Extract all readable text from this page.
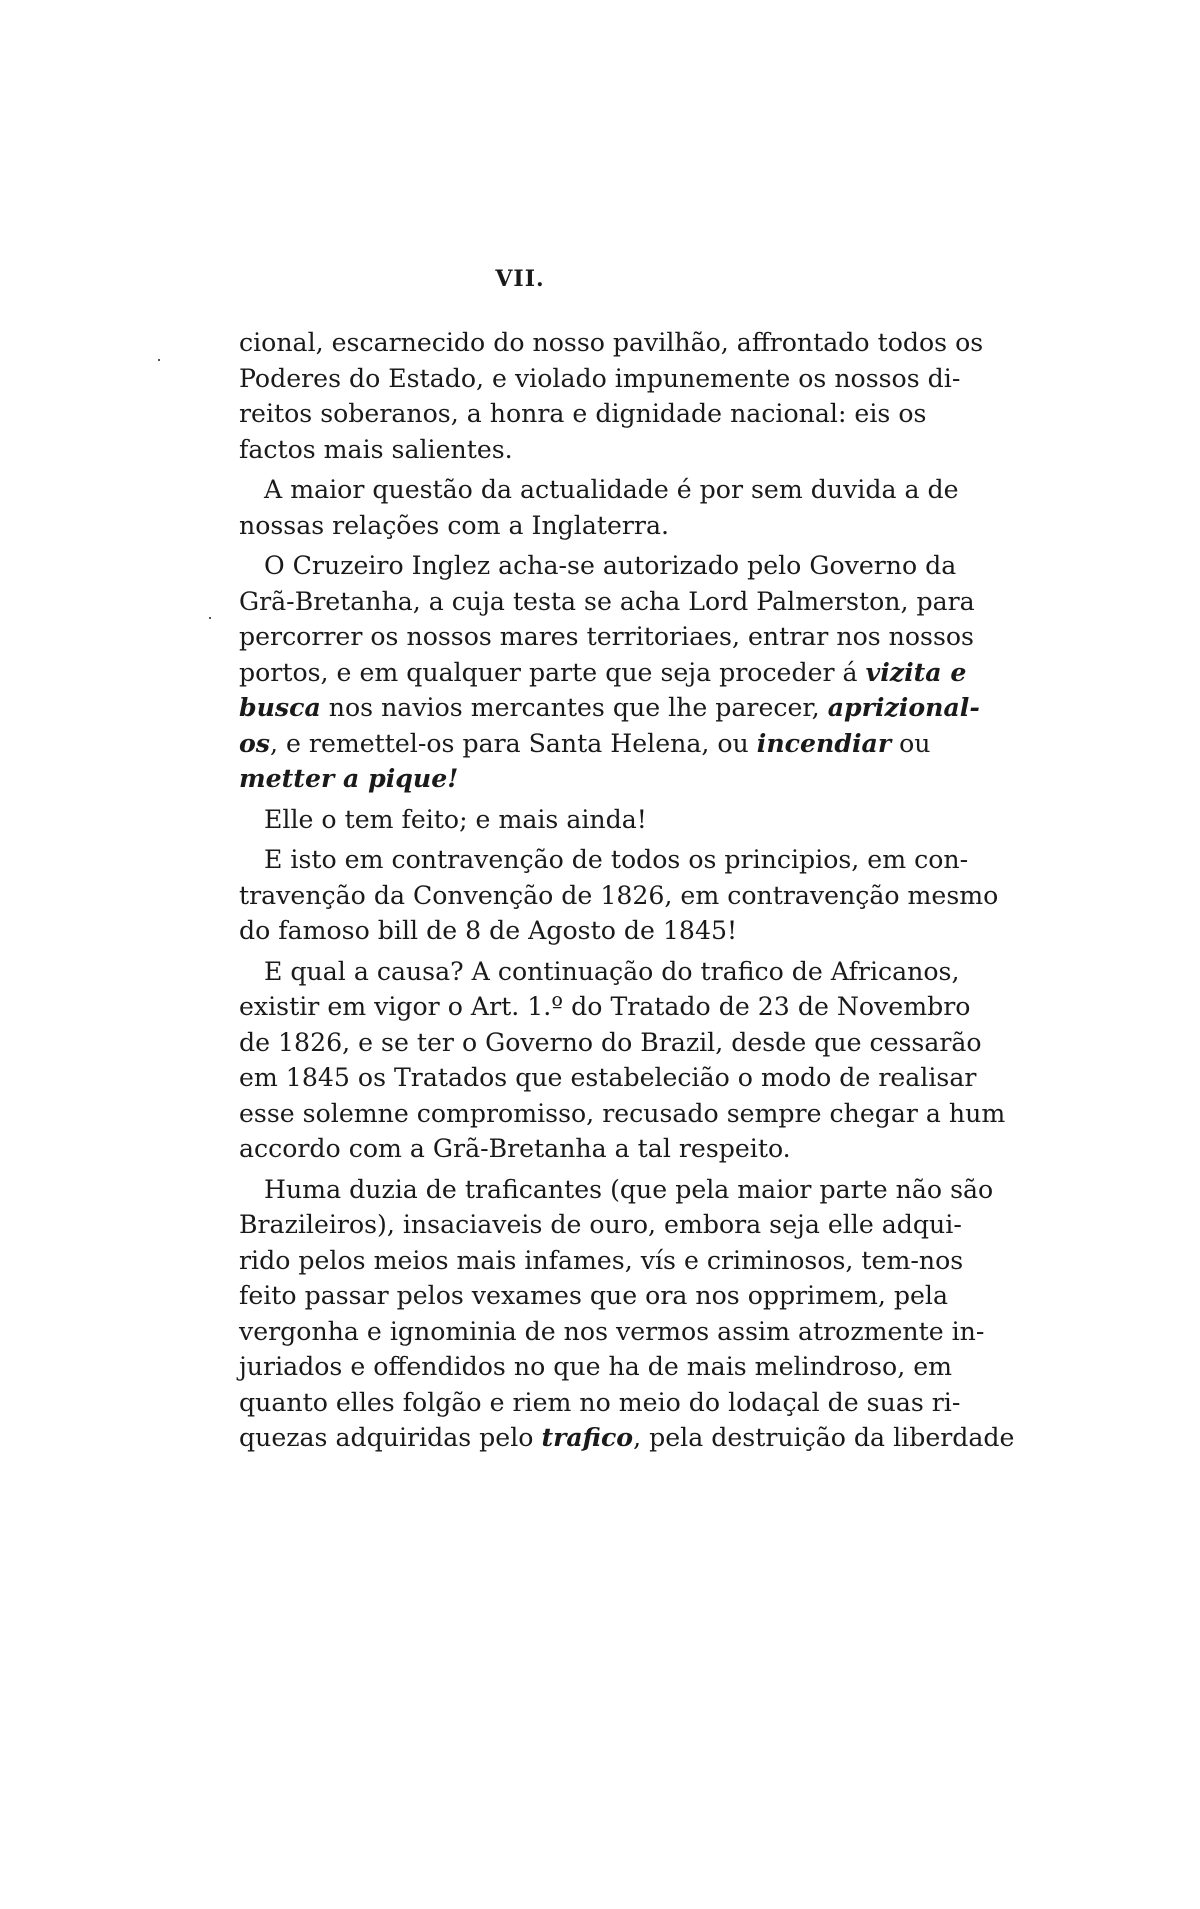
VII.
cional, escarnecido do nosso pavilhão, affrontado todos os
Poderes do Estado, e violado impunemente os nossos di-
reitos soberanos, a honra e dignidade nacional: eis os
factos mais salientes.
A maior questão da actualidade é por sem duvida a de
nossas relações com a Inglaterra.
O Cruzeiro Inglez acha-se autorizado pelo Governo da
Grã-Bretanha, a cuja testa se acha Lord Palmerston, para
percorrer os nossos mares territoriaes, entrar nos nossos
portos, e em qualquer parte que seja proceder á vizita e
busca nos navios mercantes que lhe parecer, aprizional-
os, e remettel-os para Santa Helena, ou incendiar ou
metter a pique!
Elle o tem feito; e mais ainda!
E isto em contravenção de todos os principios, em con-
travenção da Convenção de 1826, em contravenção mesmo
do famoso bill de 8 de Agosto de 1845!
E qual a causa? A continuação do trafico de Africanos,
existir em vigor o Art. 1.º do Tratado de 23 de Novembro
de 1826, e se ter o Governo do Brazil, desde que cessarão
em 1845 os Tratados que estabelecião o modo de realisar
esse solemne compromisso, recusado sempre chegar a hum
accordo com a Grã-Bretanha a tal respeito.
Huma duzia de traficantes (que pela maior parte não são
Brazileiros), insaciaveis de ouro, embora seja elle adqui-
rido pelos meios mais infames, vís e criminosos, tem-nos
feito passar pelos vexames que ora nos opprimem, pela
vergonha e ignominia de nos vermos assim atrozmente in-
juriados e offendidos no que ha de mais melindroso, em
quanto elles folgão e riem no meio do lodaçal de suas ri-
quezas adquiridas pelo trafico, pela destruição da liberdade
